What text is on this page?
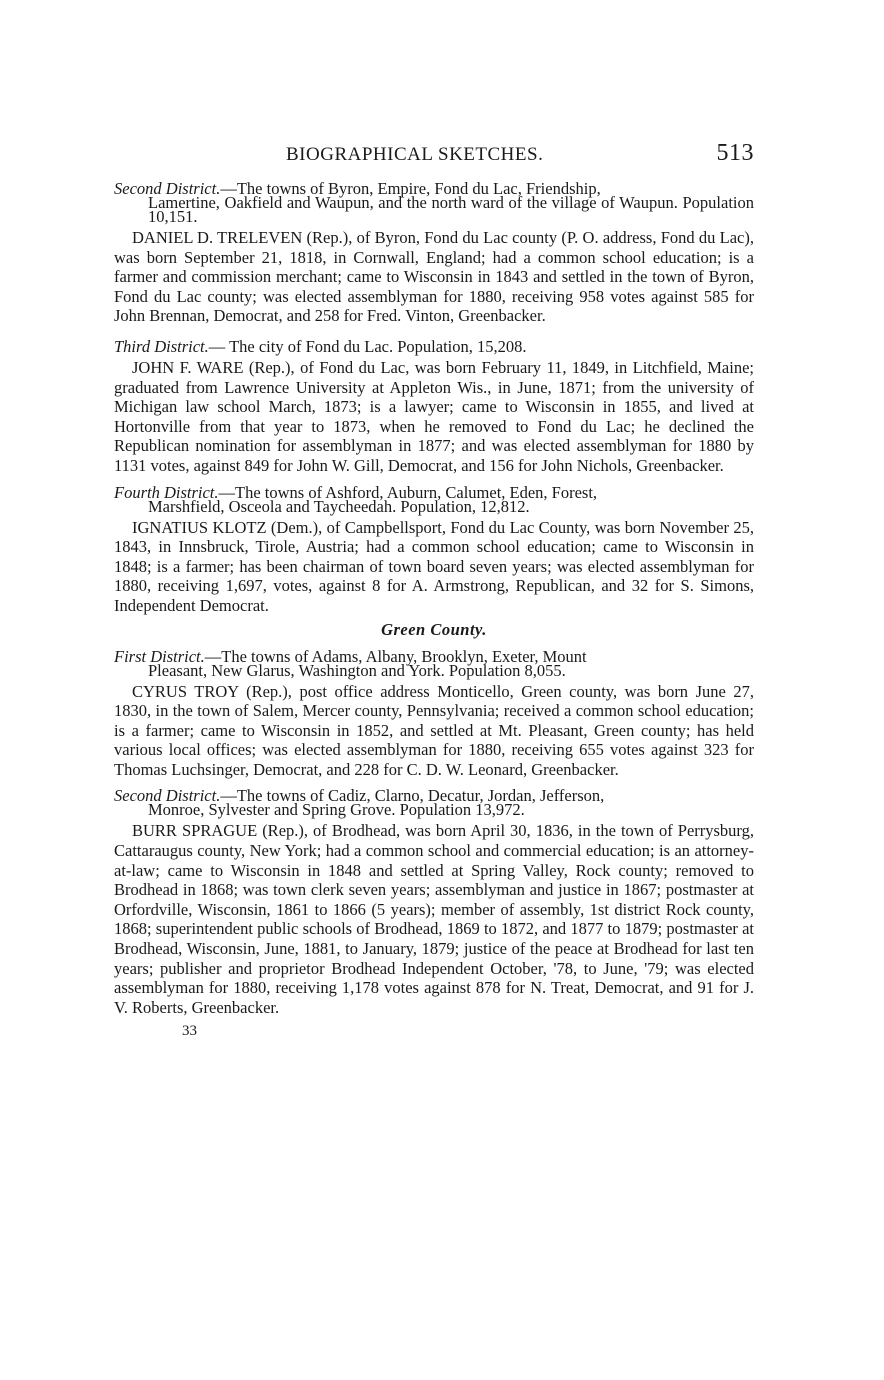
BIOGRAPHICAL SKETCHES.	513
Second District.—The towns of Byron, Empire, Fond du Lac, Friendship,
Lamertine, Oakfield and Waupun, and the north ward of the village of Waupun. Population 10,151.

DANIEL D. TRELEVEN (Rep.), of Byron, Fond du Lac county (P. O. address, Fond du Lac), was born September 21, 1818, in Cornwall, England; had a common school education; is a farmer and commission merchant; came to Wisconsin in 1843 and settled in the town of Byron, Fond du Lac county; was elected assemblyman for 1880, receiving 958 votes against 585 for John Brennan, Democrat, and 258 for Fred. Vinton, Greenbacker.

Third District.— The city of Fond du Lac. Population, 15,208.

JOHN F. WARE (Rep.), of Fond du Lac, was born February 11, 1849, in Litchfield, Maine; graduated from Lawrence University at Appleton Wis., in June, 1871; from the university of Michigan law school March, 1873; is a lawyer; came to Wisconsin in 1855, and lived at Hortonville from that year to 1873, when he removed to Fond du Lac; he declined the Republican nomination for assemblyman in 1877; and was elected assemblyman for 1880 by 1131 votes, against 849 for John W. Gill, Democrat, and 156 for John Nichols, Greenbacker.

Fourth District.—The towns of Ashford, Auburn, Calumet, Eden, Forest,
Marshfield, Osceola and Taycheedah. Population, 12,812.

IGNATIUS KLOTZ (Dem.), of Campbellsport, Fond du Lac County, was born November 25, 1843, in Innsbruck, Tirole, Austria; had a common school education; came to Wisconsin in 1848; is a farmer; has been chairman of town board seven years; was elected assemblyman for 1880, receiving 1,697, votes, against 8 for A. Armstrong, Republican, and 32 for S. Simons, Independent Democrat.

Green County.
First District.—The towns of Adams, Albany, Brooklyn, Exeter, Mount
Pleasant, New Glarus, Washington and York. Population 8,055.

CYRUS TROY (Rep.), post office address Monticello, Green county, was born June 27, 1830, in the town of Salem, Mercer county, Pennsylvania; received a common school education; is a farmer; came to Wisconsin in 1852, and settled at Mt. Pleasant, Green county; has held various local offices; was elected assemblyman for 1880, receiving 655 votes against 323 for Thomas Luchsinger, Democrat, and 228 for C. D. W. Leonard, Greenbacker.

Second District.—The towns of Cadiz, Clarno, Decatur, Jordan, Jefferson,
Monroe, Sylvester and Spring Grove. Population 13,972.

BURR SPRAGUE (Rep.), of Brodhead, was born April 30, 1836, in the town of Perrysburg, Cattaraugus county, New York; had a common school and commercial education; is an attorney-at-law; came to Wisconsin in 1848 and settled at Spring Valley, Rock county; removed to Brodhead in 1868; was town clerk seven years; assemblyman and justice in 1867; postmaster at Orfordville, Wisconsin, 1861 to 1866 (5 years); member of assembly, 1st district Rock county, 1868; superintendent public schools of Brodhead, 1869 to 1872, and 1877 to 1879; postmaster at Brodhead, Wisconsin, June, 1881, to January, 1879; justice of the peace at Brodhead for last ten years; publisher and proprietor Brodhead Independent October, '78, to June, '79; was elected assemblyman for 1880, receiving 1,178 votes against 878 for N. Treat, Democrat, and 91 for J. V. Roberts, Greenbacker.

33
